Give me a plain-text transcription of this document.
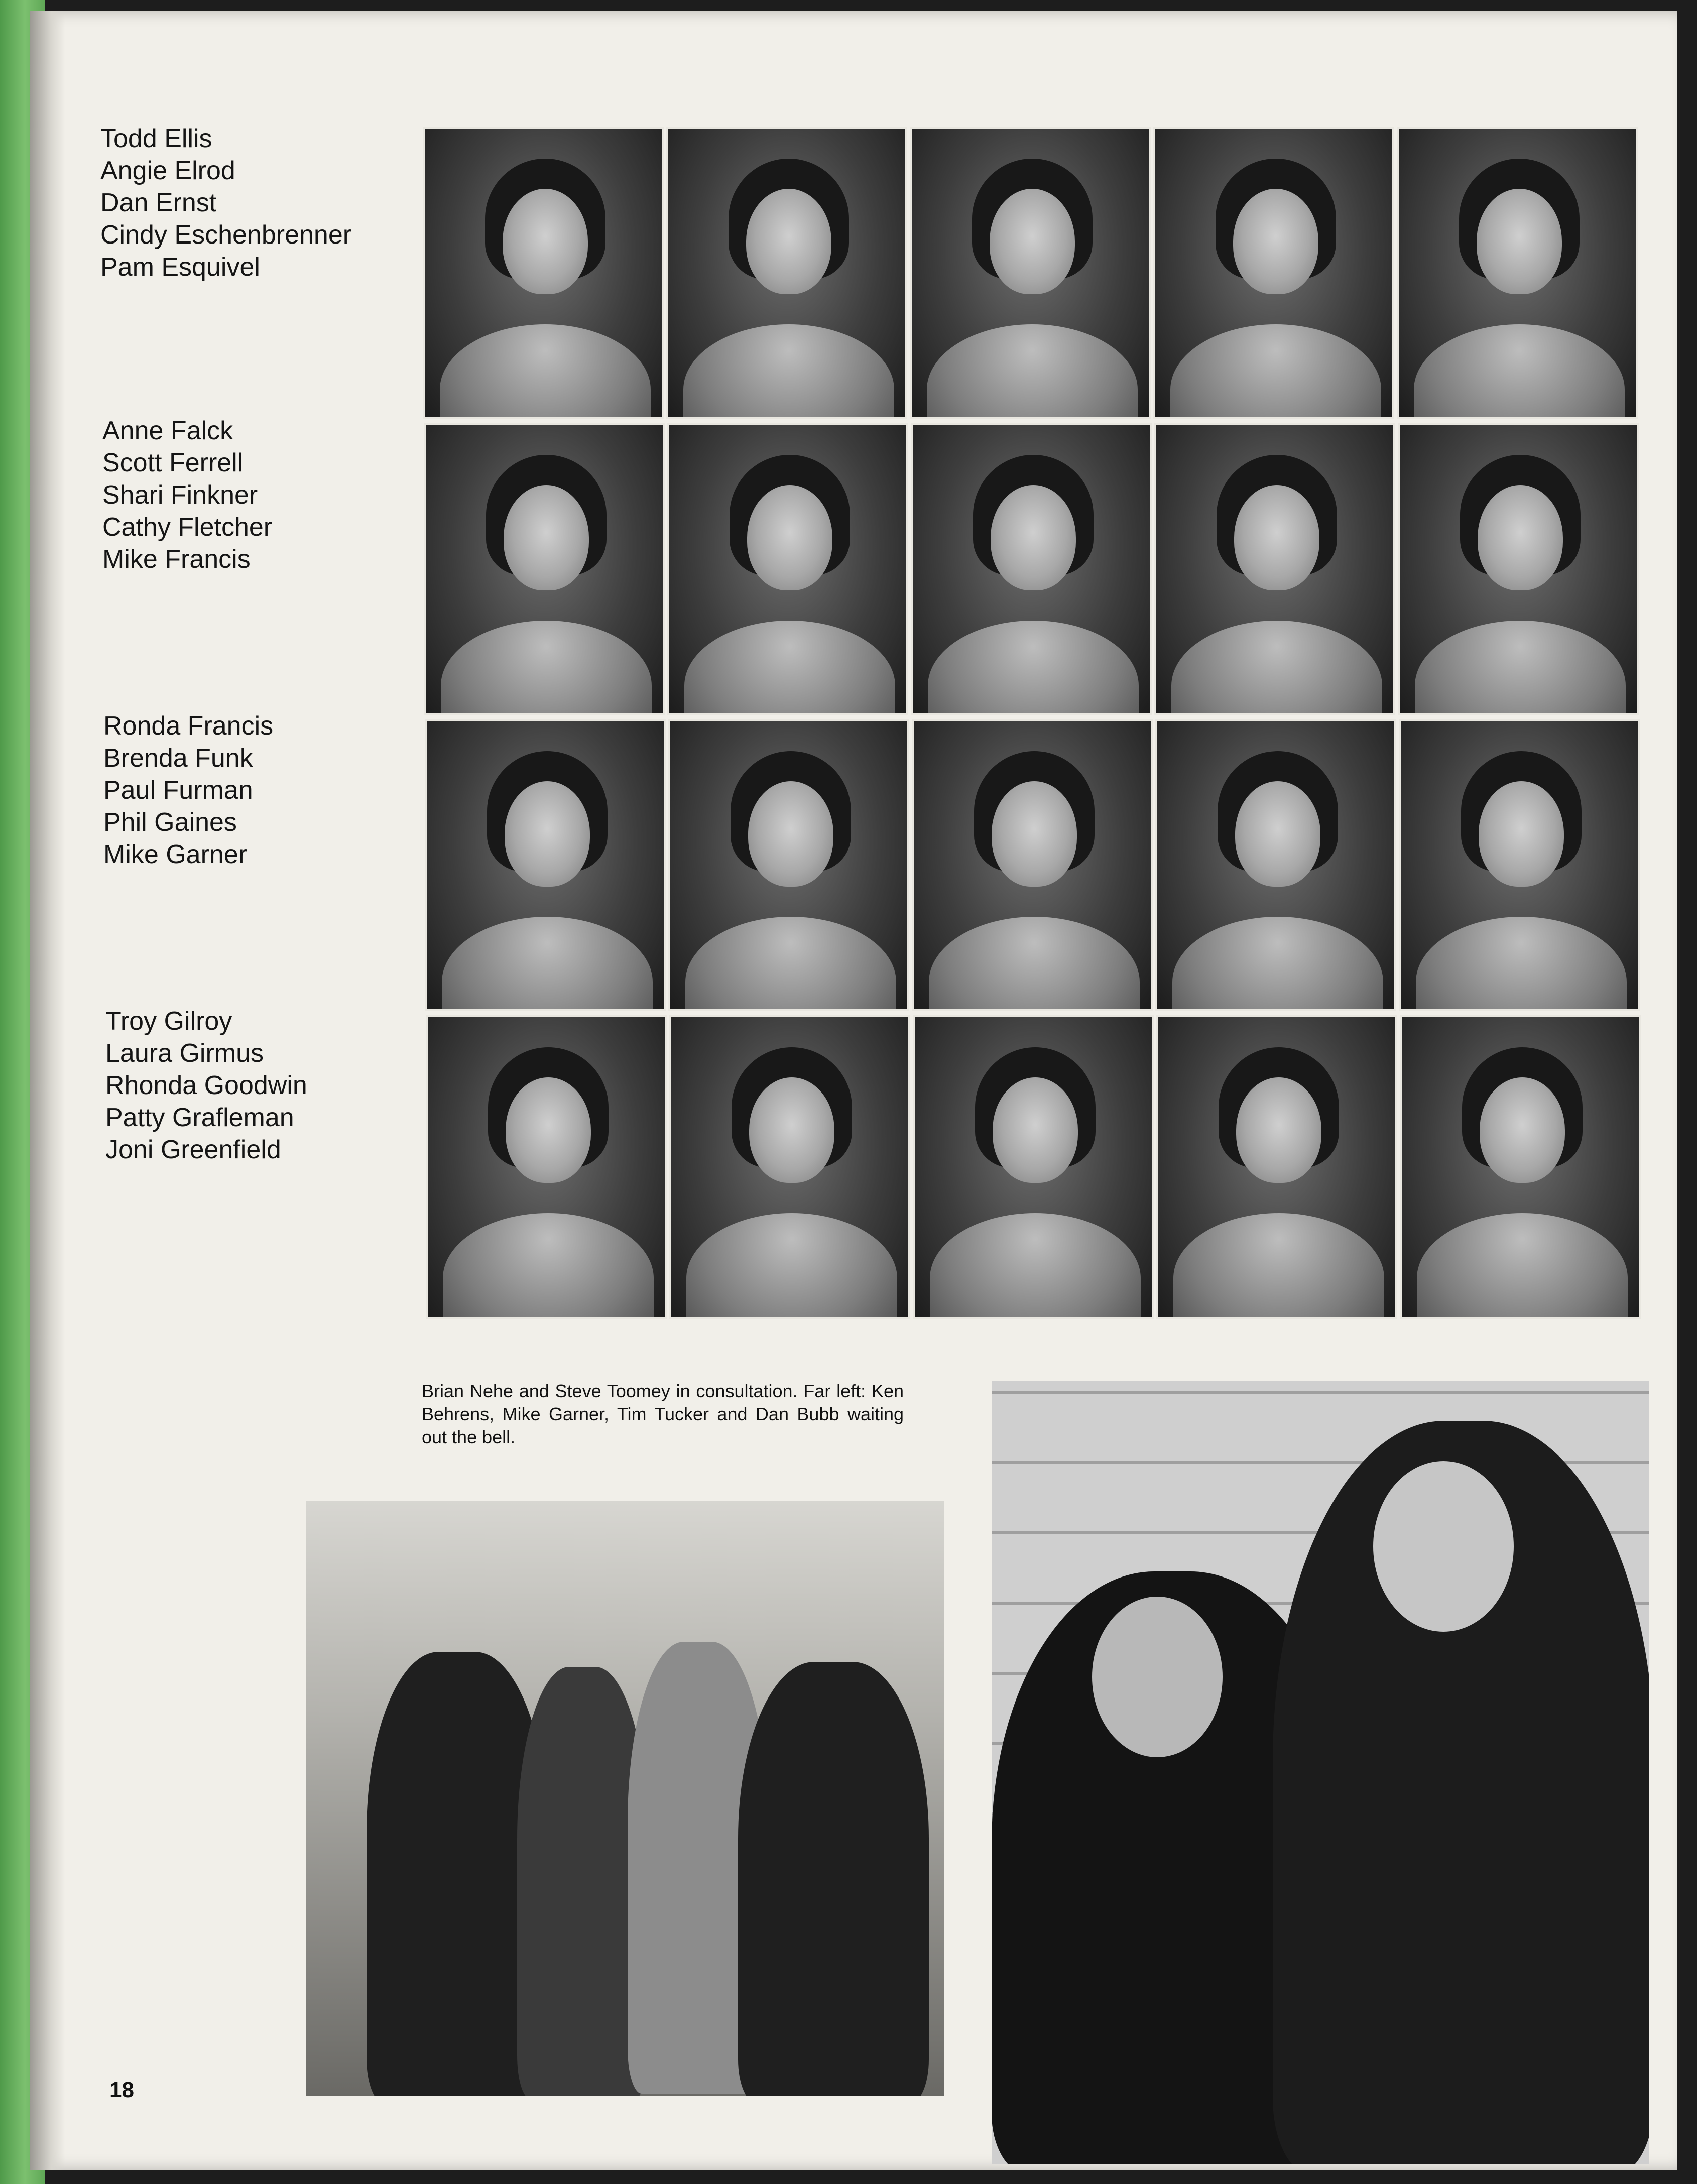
Todd Ellis
Angie Elrod
Dan Ernst
Cindy Eschenbrenner
Pam Esquivel
Anne Falck
Scott Ferrell
Shari Finkner
Cathy Fletcher
Mike Francis
Ronda Francis
Brenda Funk
Paul Furman
Phil Gaines
Mike Garner
Troy Gilroy
Laura Girmus
Rhonda Goodwin
Patty Grafleman
Joni Greenfield
Brian Nehe and Steve Toomey in consultation. Far left: Ken Behrens, Mike Garner, Tim Tucker and Dan Bubb waiting out the bell.
18
